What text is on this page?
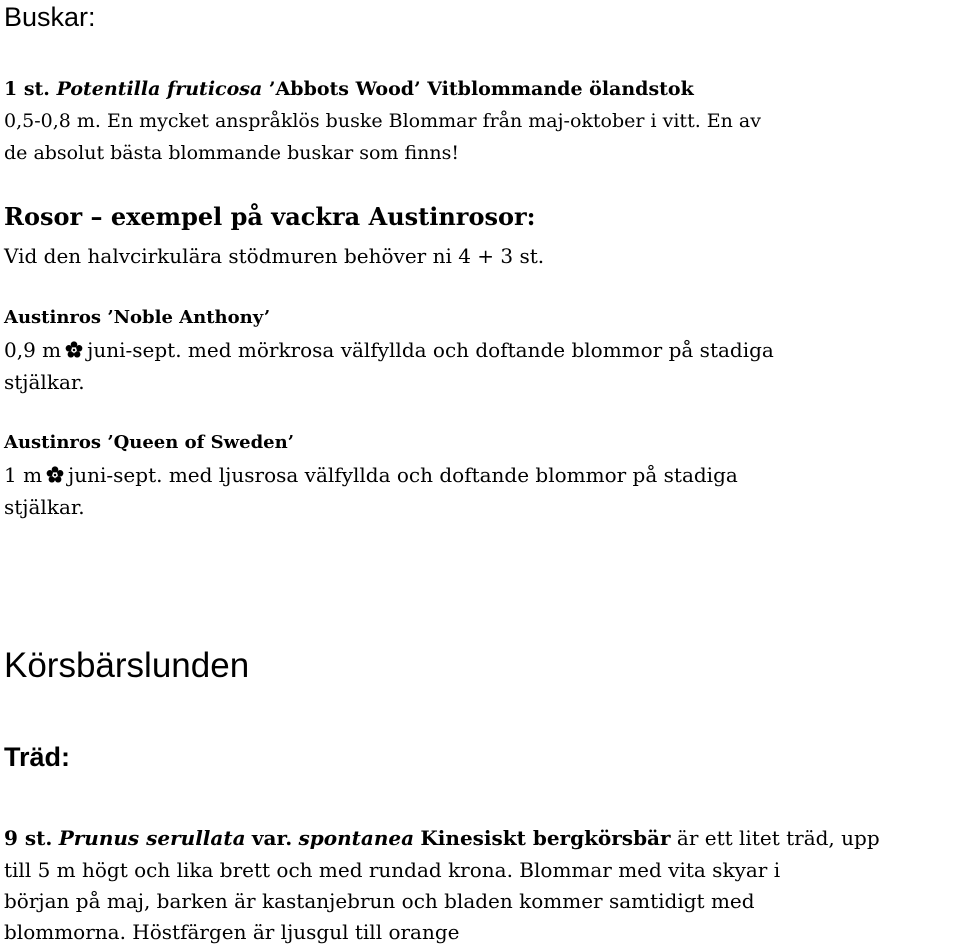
Buskar:
1 st. Potentilla fruticosa ’Abbots Wood’ Vitblommande ölandstok
0,5-0,8 m. En mycket anspråklös buske Blommar från maj-oktober i vitt. En av
de absolut bästa blommande buskar som finns!
Rosor – exempel på vackra Austinrosor:
Vid den halvcirkulära stödmuren behöver ni 4 + 3 st.
Austinros ’Noble Anthony’
0,9 m juni-sept. med mörkrosa välfyllda och doftande blommor på stadiga
stjälkar.
Austinros ’Queen of Sweden’
1 m juni-sept. med ljusrosa välfyllda och doftande blommor på stadiga
stjälkar.
Körsbärslunden
Träd:
9 st. Prunus serullata var. spontanea Kinesiskt bergkörsbär är ett litet träd, upp
till 5 m högt och lika brett och med rundad krona. Blommar med vita skyar i
början på maj, barken är kastanjebrun och bladen kommer samtidigt med
blommorna. Höstfärgen är ljusgul till orange
